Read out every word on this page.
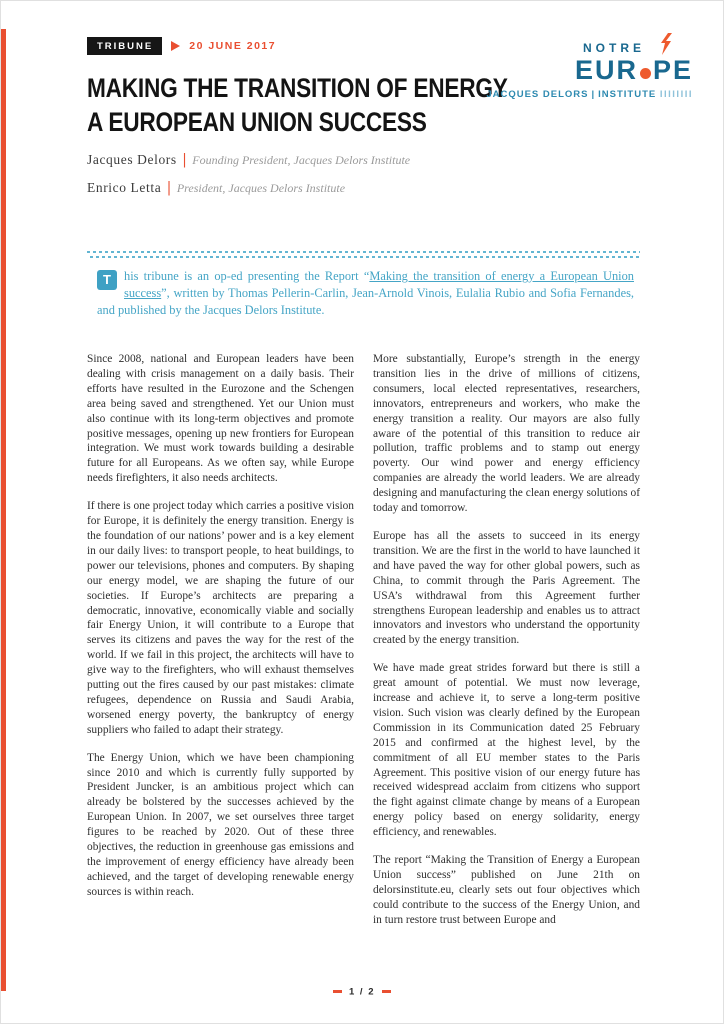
TRIBUNE	20 JUNE 2017
MAKING THE TRANSITION OF ENERGY
A EUROPEAN UNION SUCCESS
NOTRE
EUR PE
JACQUES DELORS | INSTITUTE IIIIIIII
Jacques Delors | Founding President, Jacques Delors Institute
Enrico Letta | President, Jacques Delors Institute
T	his tribune is an op-ed presenting the Report “Making the transition of energy a European Union success”, written by Thomas Pellerin-Carlin, Jean-Arnold Vinois, Eulalia Rubio and Sofia Fernandes, and published by the Jacques Delors Institute.

Since 2008, national and European leaders have been dealing with crisis management on a daily basis. Their efforts have resulted in the Eurozone and the Schengen area being saved and strengthened. Yet our Union must also continue with its long-term objectives and promote positive messages, opening up new frontiers for European integration. We must work towards building a desirable future for all Europeans. As we often say, while Europe needs firefighters, it also needs architects.

If there is one project today which carries a positive vision for Europe, it is definitely the energy transition. Energy is the foundation of our nations’ power and is a key element in our daily lives: to transport people, to heat buildings, to power our televisions, phones and computers. By shaping our energy model, we are shaping the future of our societies. If Europe’s architects are preparing a democratic, innovative, economically viable and socially fair Energy Union, it will contribute to a Europe that serves its citizens and paves the way for the rest of the world. If we fail in this project, the architects will have to give way to the firefighters, who will exhaust themselves putting out the fires caused by our past mistakes: climate refugees, dependence on Russia and Saudi Arabia, worsened energy poverty, the bankruptcy of energy suppliers who failed to adapt their strategy.

The Energy Union, which we have been championing since 2010 and which is currently fully supported by President Juncker, is an ambitious project which can already be bolstered by the successes achieved by the European Union. In 2007, we set ourselves three target figures to be reached by 2020. Out of these three objectives, the reduction in greenhouse gas emissions and the improvement of energy efficiency have already been achieved, and the target of developing renewable energy sources is within reach.

More substantially, Europe’s strength in the energy transition lies in the drive of millions of citizens, consumers, local elected representatives, researchers, innovators, entrepreneurs and workers, who make the energy transition a reality. Our mayors are also fully aware of the potential of this transition to reduce air pollution, traffic problems and to stamp out energy poverty. Our wind power and energy efficiency companies are already the world leaders. We are already designing and manufacturing the clean energy solutions of today and tomorrow.

Europe has all the assets to succeed in its energy transition. We are the first in the world to have launched it and have paved the way for other global powers, such as China, to commit through the Paris Agreement. The USA’s withdrawal from this Agreement further strengthens European leadership and enables us to attract innovators and investors who understand the opportunity created by the energy transition.

We have made great strides forward but there is still a great amount of potential. We must now leverage, increase and achieve it, to serve a long-term positive vision. Such vision was clearly defined by the European Commission in its Communication dated 25 February 2015 and confirmed at the highest level, by the commitment of all EU member states to the Paris Agreement. This positive vision of our energy future has received widespread acclaim from citizens who support the fight against climate change by means of a European energy policy based on energy solidarity, energy efficiency, and renewables.

The report “Making the Transition of Energy a European Union success” published on June 21th on delorsinstitute.eu, clearly sets out four objectives which could contribute to the success of the Energy Union, and in turn restore trust between Europe and

1 / 2
